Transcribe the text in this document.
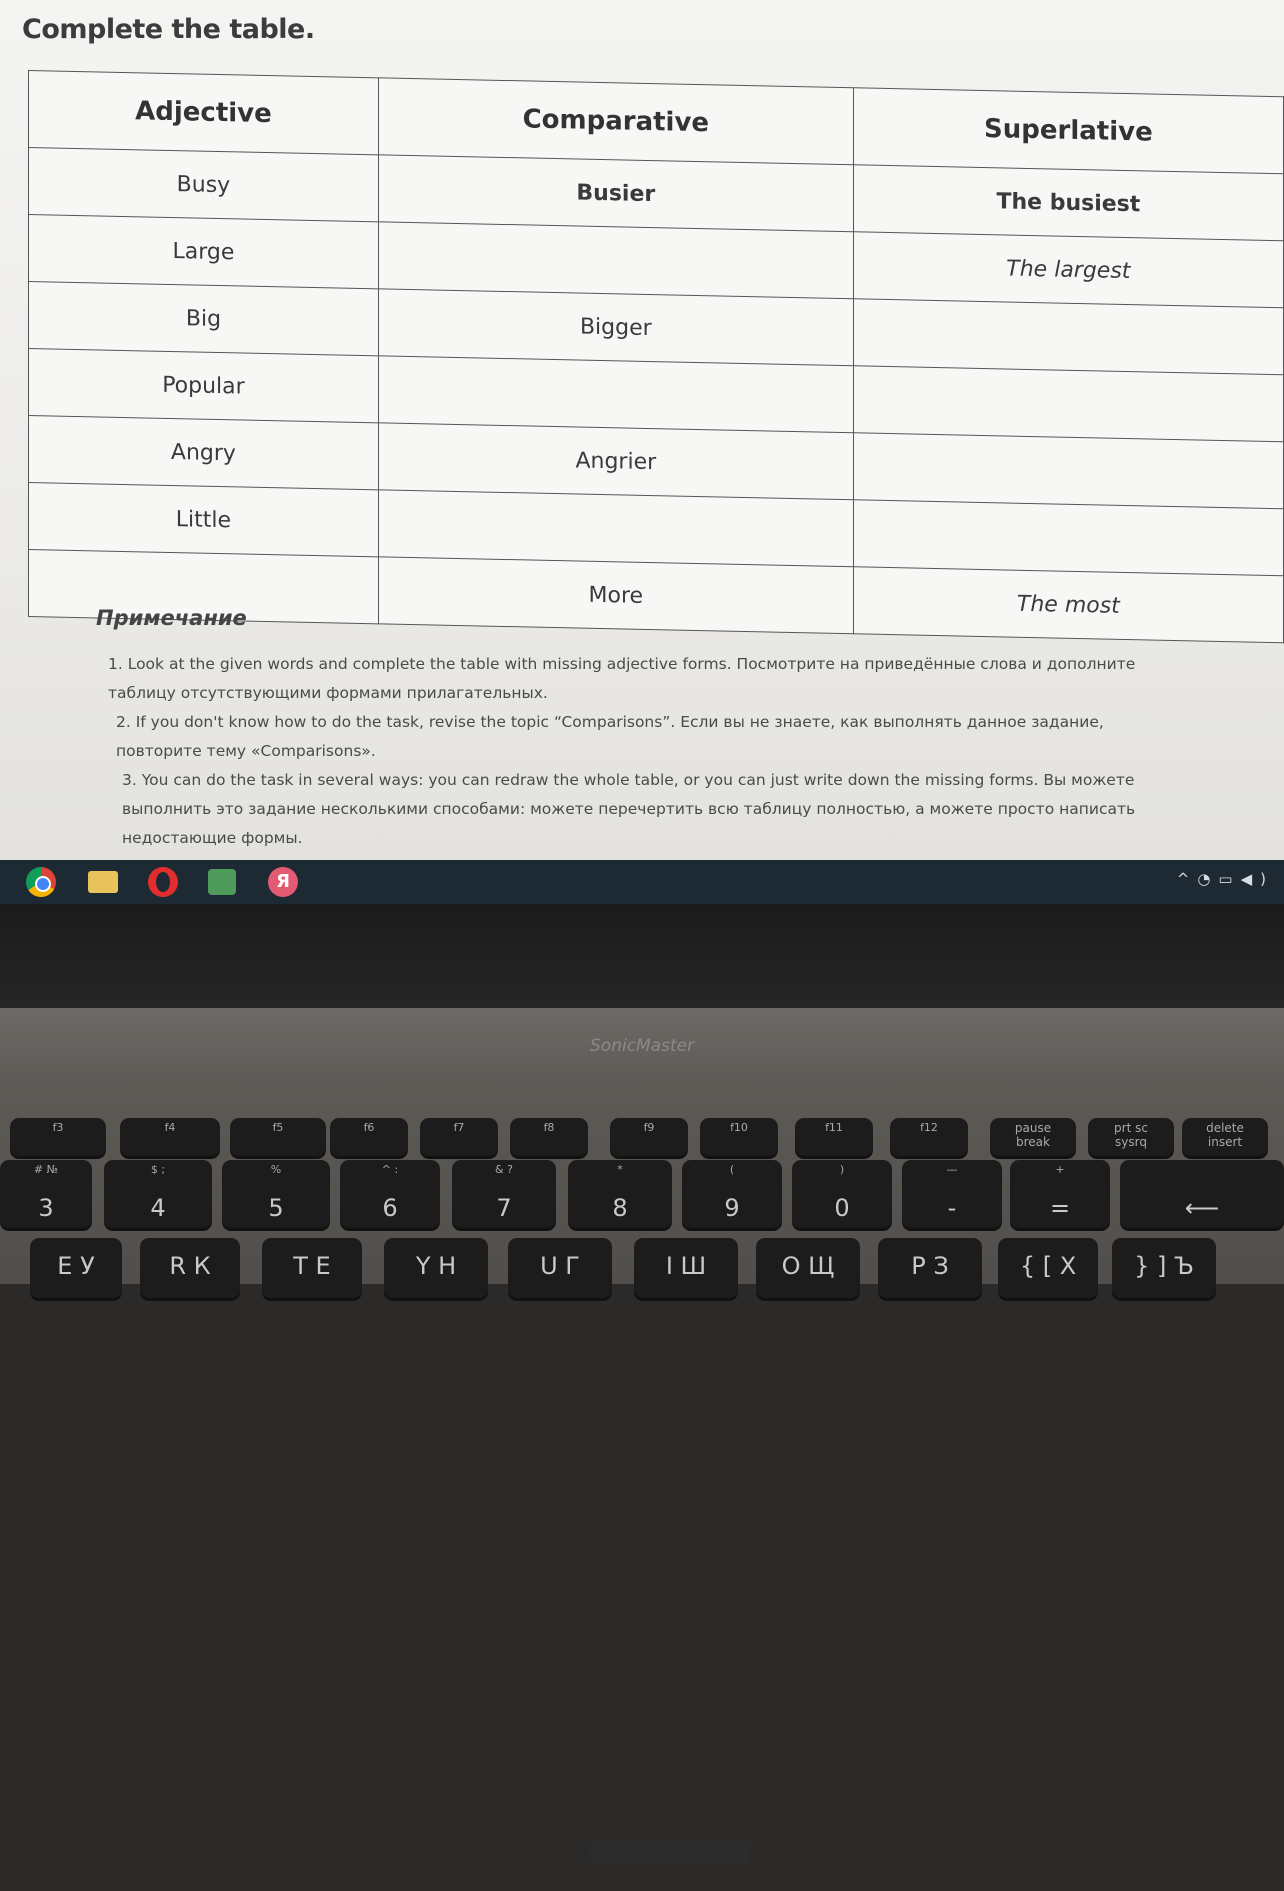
Complete the table.
Adjective	Comparative	Superlative
Busy	Busier	The busiest
Large		The largest
Big	Bigger	
Popular		
Angry	Angrier	
Little		
	More	The most
Примечание
1. Look at the given words and complete the table with missing adjective forms. Посмотрите на приведённые слова и дополните таблицу отсутствующими формами прилагательных.
2. If you don't know how to do the task, revise the topic “Comparisons”. Если вы не знаете, как выполнять данное задание, повторите тему «Comparisons».
3. You can do the task in several ways: you can redraw the whole table, or you can just write down the missing forms. Вы можете выполнить это задание несколькими способами: можете перечертить всю таблицу полностью, а можете просто написать недостающие формы.
Я	^◔▭◀)
SonicMaster
f3	f4	f5	f6	f7	f8	f9	f10	f11	f12	pause
break
prt sc
sysrq
delete
insert
# №
3
$ ;
4
%
5
^ :
6
& ?
7
*
8
(
9
)
0
—
-
+
=	⟵
E У	R К	T Е	Y Н	U Г	I Ш	O Щ	P З	{ [ Х	} ] Ъ
